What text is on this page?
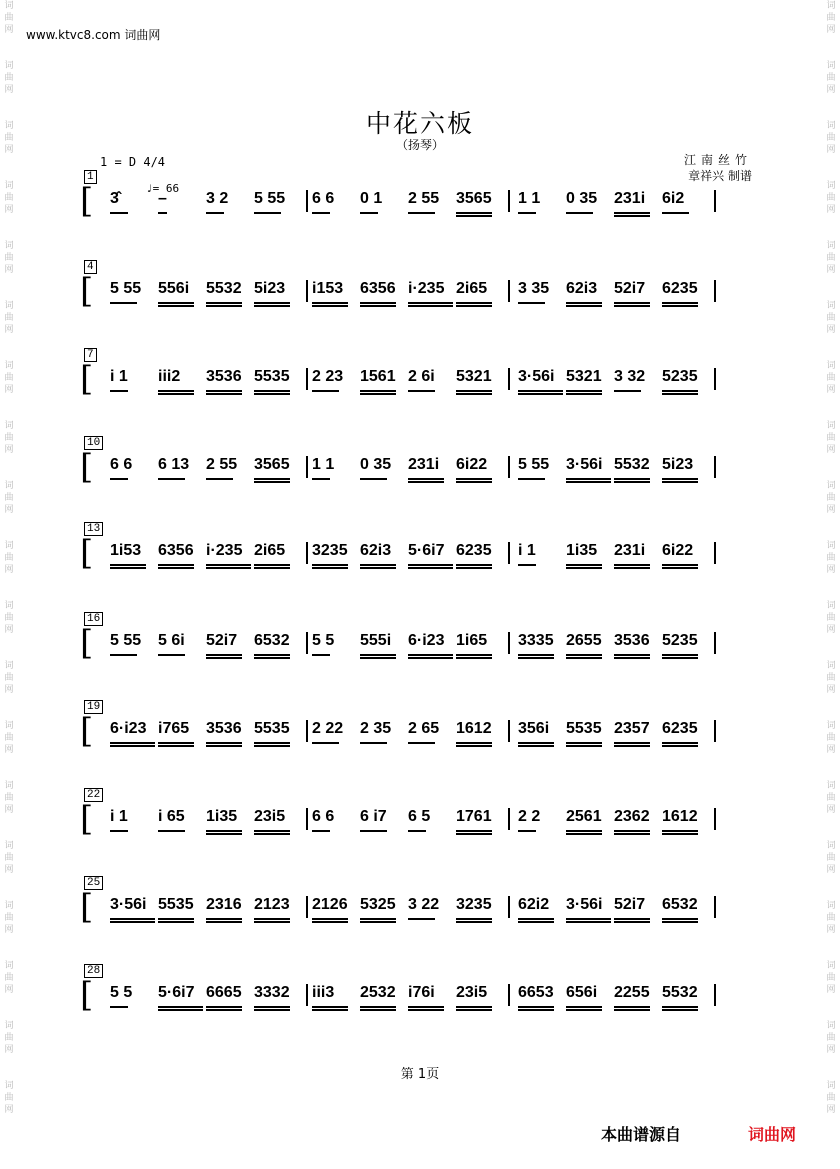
词
曲
网
词
曲
网
词
曲
网
词
曲
网
词
曲
网
词
曲
网
词
曲
网
词
曲
网
词
曲
网
词
曲
网
词
曲
网
词
曲
网
词
曲
网
词
曲
网
词
曲
网
词
曲
网
词
曲
网
词
曲
网
词
曲
网
词
曲
网
词
曲
网
词
曲
网
词
曲
网
词
曲
网
词
曲
网
词
曲
网
词
曲
网
词
曲
网
词
曲
网
词
曲
网
词
曲
网
词
曲
网
词
曲
网
词
曲
网
词
曲
网
词
曲
网
词
曲
网
词
曲
网
www.ktvc8.com 词曲网
中花六板
（扬琴）
1 = D 4/4
♩= 66
江南丝竹
章祥兴 制谱
1
[ 3̂ – 3 2 5 55 6 6 0 1 2 55 3565 1 1 0 35 231i 6i2
4
[ 5 55 556i 5532 5i23 i153 6356 i·235 2i65 3 35 62i3 52i7 6235
7
[ i 1 iii2 3536 5535 2 23 1561 2 6i 5321 3·56i 5321 3 32 5235
10
[ 6 6 6 13 2 55 3565 1 1 0 35 231i 6i22 5 55 3·56i 5532 5i23
13
[ 1i53 6356 i·235 2i65 3235 62i3 5·6i7 6235 i 1 1i35 231i 6i22
16
[ 5 55 5 6i 52i7 6532 5 5 555i 6·i23 1i65 3335 2655 3536 5235
19
[ 6·i23 i765 3536 5535 2 22 2 35 2 65 1612 356i 5535 2357 6235
22
[ i 1 i 65 1i35 23i5 6 6 6 i7 6 5 1761 2 2 2561 2362 1612
25
[ 3·56i 5535 2316 2123 2126 5325 3 22 3235 62i2 3·56i 52i7 6532
28
[ 5 5 5·6i7 6665 3332 iii3 2532 i76i 23i5 6653 656i 2255 5532
第 1页
本曲谱源自	词曲网
